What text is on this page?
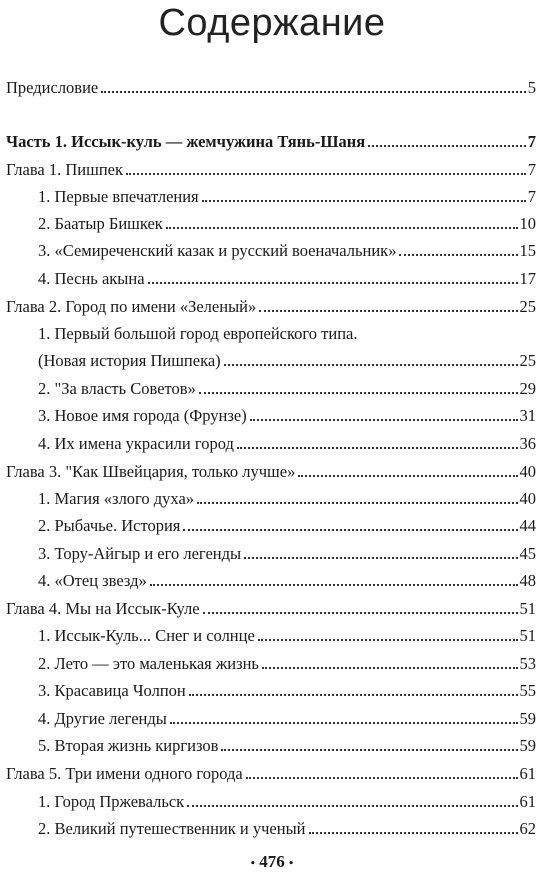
Содержание
Предисловие	5
Часть 1. Иссык-куль — жемчужина Тянь-Шаня	7
Глава 1. Пишпек	7
1. Первые впечатления	7
2. Баатыр Бишкек	10
3. «Семиреченский казак и русский военачальник»	15
4. Песнь акына	17
Глава 2. Город по имени «Зеленый»	25
1. Первый большой город европейского типа.
(Новая история Пишпека)	25
2. "За власть Советов»	29
3. Новое имя города (Фрунзе)	31
4. Их имена украсили город	36
Глава 3. "Как Швейцария, только лучше»	40
1. Магия «злого духа»	40
2. Рыбачье. История	44
3. Тору-Айгыр и его легенды	45
4. «Отец звезд»	48
Глава 4. Мы на Иссык-Куле	51
1. Иссык-Куль... Снег и солнце	51
2. Лето — это маленькая жизнь	53
3. Красавица Чолпон	55
4. Другие легенды	59
5. Вторая жизнь киргизов	59
Глава 5. Три имени одного города	61
1. Город Пржевальск	61
2. Великий путешественник и ученый	62
• 476 •
